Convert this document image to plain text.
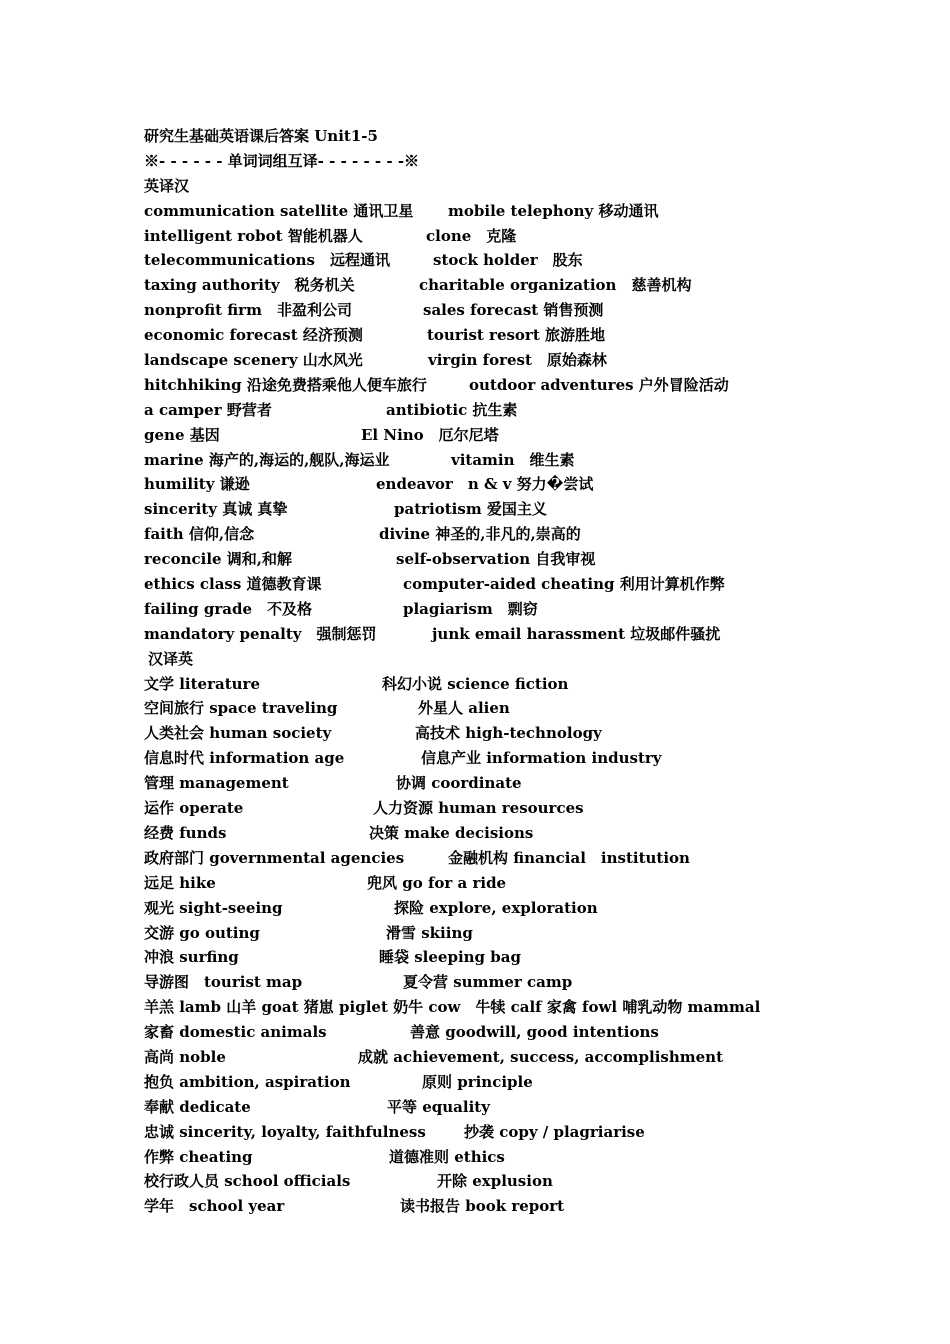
研究生基础英语课后答案 Unit1-5
※- - - - - - 单词词组互译- - - - - - - -※
英译汉
communication satellite 通讯卫星 mobile telephony 移动通讯
intelligent robot 智能机器人	clone　克隆
telecommunications　远程通讯	stock holder　股东
taxing authority　税务机关	charitable organization　慈善机构
nonprofit firm　非盈利公司	sales forecast 销售预测
economic forecast 经济预测	tourist resort 旅游胜地
landscape scenery 山水风光	virgin forest　原始森林
hitchhiking 沿途免费搭乘他人便车旅行	outdoor adventures 户外冒险活动
a camper 野营者	antibiotic 抗生素
gene 基因	El Nino　厄尔尼塔
marine 海产的,海运的,舰队,海运业	vitamin　维生素
humility 谦逊	endeavor　n & v 努力�尝试
sincerity 真诚 真挚	patriotism 爱国主义
faith 信仰,信念	divine 神圣的,非凡的,崇高的
reconcile 调和,和解	self-observation 自我审视
ethics class 道德教育课	computer-aided cheating 利用计算机作弊
failing grade　不及格	plagiarism　剽窃
mandatory penalty　强制惩罚	junk email harassment 垃圾邮件骚扰
汉译英
文学 literature	科幻小说 science fiction
空间旅行 space traveling	外星人 alien
人类社会 human society	高技术 high-technology
信息时代 information age	信息产业 information industry
管理 management	协调 coordinate
运作 operate	人力资源 human resources
经费 funds	决策 make decisions
政府部门 governmental agencies	金融机构 financial　institution
远足 hike	兜风 go for a ride
观光 sight-seeing	探险 explore, exploration
交游 go outing	滑雪 skiing
冲浪 surfing	睡袋 sleeping bag
导游图　tourist map	夏令营 summer camp
羊羔 lamb 山羊 goat 猪崽 piglet 奶牛 cow　牛犊 calf 家禽 fowl 哺乳动物 mammal
家畜 domestic animals	善意 goodwill, good intentions
高尚 noble	成就 achievement, success, accomplishment
抱负 ambition, aspiration	原则 principle
奉献 dedicate	平等 equality
忠诚 sincerity, loyalty, faithfulness	抄袭 copy / plagriarise
作弊 cheating	道德准则 ethics
校行政人员 school officials	开除 explusion
学年　school year	读书报告 book report
